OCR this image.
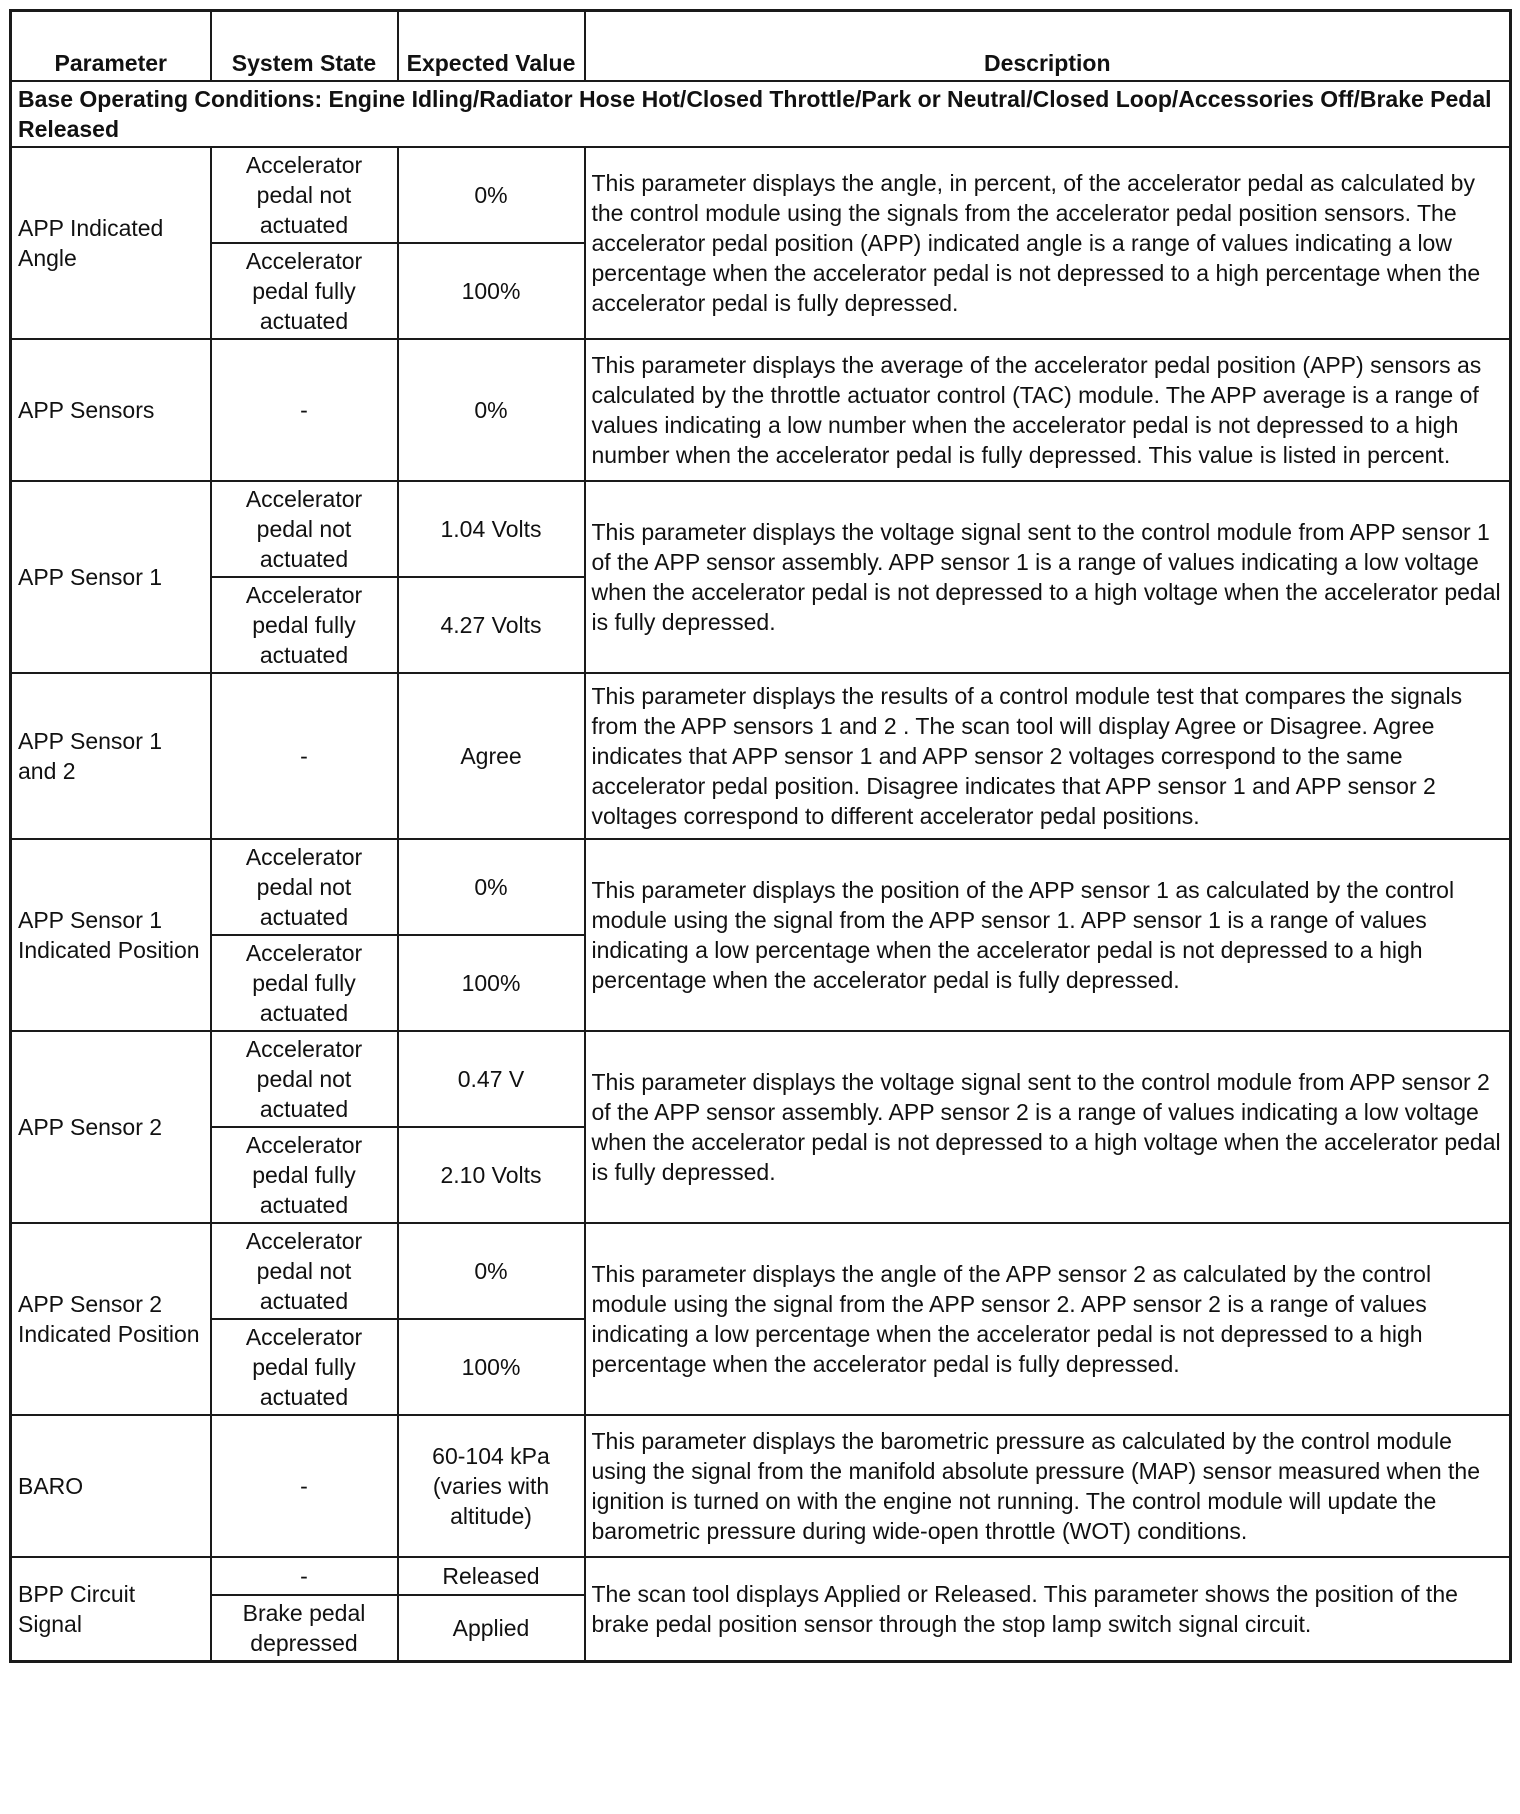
Parameter	System State	Expected Value	Description
Base Operating Conditions: Engine Idling/Radiator Hose Hot/Closed Throttle/Park or Neutral/Closed Loop/Accessories Off/Brake Pedal Released			
APP Indicated Angle	Accelerator pedal not actuated	0%	This parameter displays the angle, in percent, of the accelerator pedal as calculated by the control module using the signals from the accelerator pedal position sensors. The accelerator pedal position (APP) indicated angle is a range of values indicating a low percentage when the accelerator pedal is not depressed to a high percentage when the accelerator pedal is fully depressed.
	Accelerator pedal fully actuated	100%	
APP Sensors	-	0%	This parameter displays the average of the accelerator pedal position (APP) sensors as calculated by the throttle actuator control (TAC) module. The APP average is a range of values indicating a low number when the accelerator pedal is not depressed to a high number when the accelerator pedal is fully depressed. This value is listed in percent.
APP Sensor 1	Accelerator pedal not actuated	1.04 Volts	This parameter displays the voltage signal sent to the control module from APP sensor 1 of the APP sensor assembly. APP sensor 1 is a range of values indicating a low voltage when the accelerator pedal is not depressed to a high voltage when the accelerator pedal is fully depressed.
	Accelerator pedal fully actuated	4.27 Volts	
APP Sensor 1 and 2	-	Agree	This parameter displays the results of a control module test that compares the signals from the APP sensors 1 and 2 . The scan tool will display Agree or Disagree. Agree indicates that APP sensor 1 and APP sensor 2 voltages correspond to the same accelerator pedal position. Disagree indicates that APP sensor 1 and APP sensor 2 voltages correspond to different accelerator pedal positions.
APP Sensor 1 Indicated Position	Accelerator pedal not actuated	0%	This parameter displays the position of the APP sensor 1 as calculated by the control module using the signal from the APP sensor 1. APP sensor 1 is a range of values indicating a low percentage when the accelerator pedal is not depressed to a high percentage when the accelerator pedal is fully depressed.
	Accelerator pedal fully actuated	100%	
APP Sensor 2	Accelerator pedal not actuated	0.47 V	This parameter displays the voltage signal sent to the control module from APP sensor 2 of the APP sensor assembly. APP sensor 2 is a range of values indicating a low voltage when the accelerator pedal is not depressed to a high voltage when the accelerator pedal is fully depressed.
	Accelerator pedal fully actuated	2.10 Volts	
APP Sensor 2 Indicated Position	Accelerator pedal not actuated	0%	This parameter displays the angle of the APP sensor 2 as calculated by the control module using the signal from the APP sensor 2. APP sensor 2 is a range of values indicating a low percentage when the accelerator pedal is not depressed to a high percentage when the accelerator pedal is fully depressed.
	Accelerator pedal fully actuated	100%	
BARO	-	60-104 kPa (varies with altitude)	This parameter displays the barometric pressure as calculated by the control module using the signal from the manifold absolute pressure (MAP) sensor measured when the ignition is turned on with the engine not running. The control module will update the barometric pressure during wide-open throttle (WOT) conditions.
BPP Circuit Signal	-	Released	The scan tool displays Applied or Released. This parameter shows the position of the brake pedal position sensor through the stop lamp switch signal circuit.
	Brake pedal depressed	Applied	
